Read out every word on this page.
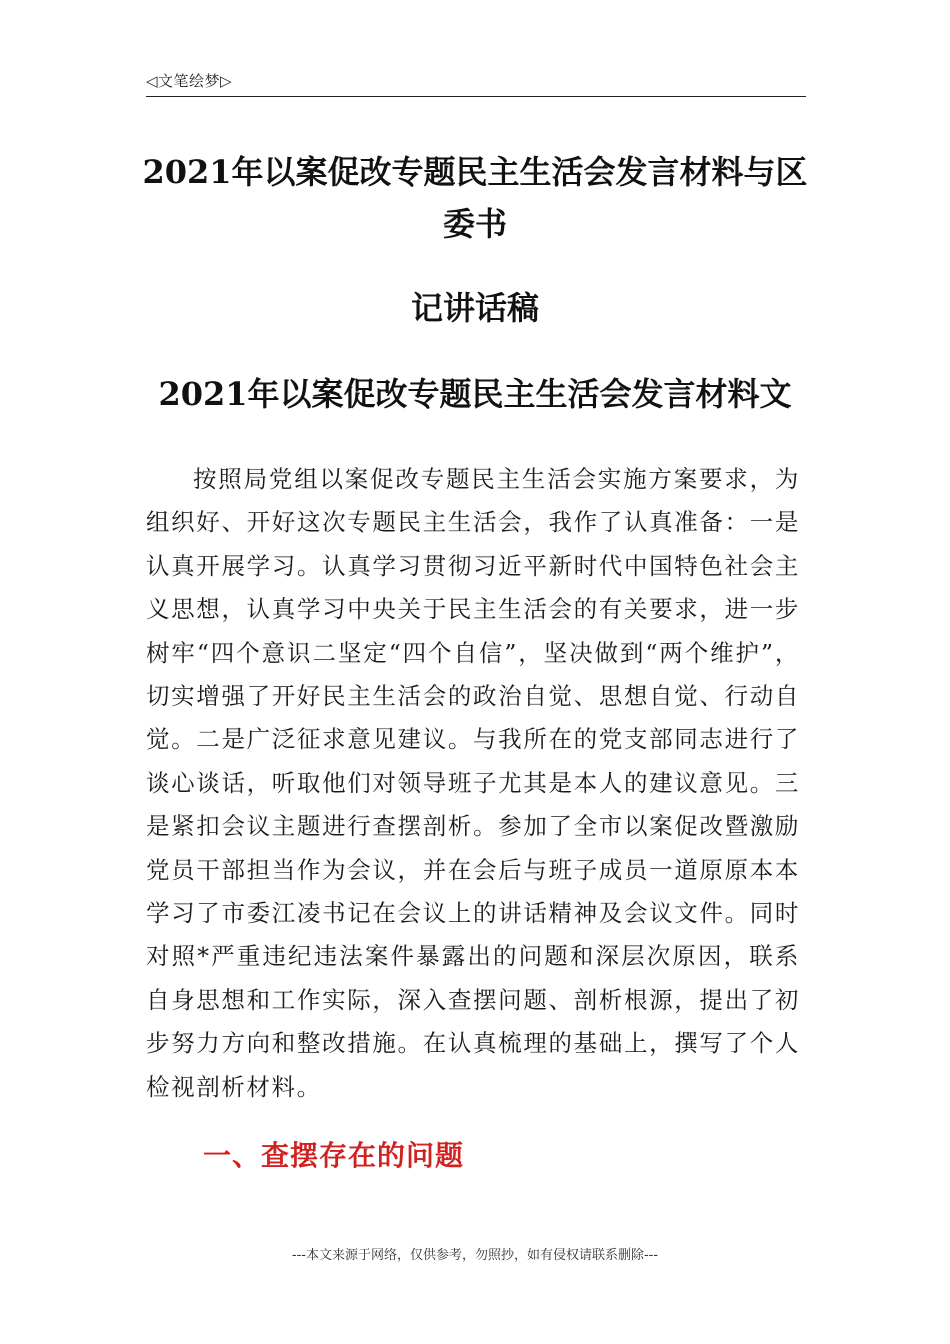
◁文笔绘梦▷
2021年以案促改专题民主生活会发言材料与区
委书
记讲话稿
2021年以案促改专题民主生活会发言材料文

按照局党组以案促改专题民主生活会实施方案要求，为组织好、开好这次专题民主生活会，我作了认真准备：一是认真开展学习。认真学习贯彻习近平新时代中国特色社会主义思想，认真学习中央关于民主生活会的有关要求，进一步树牢“四个意识二坚定“四个自信”，坚决做到“两个维护”，切实增强了开好民主生活会的政治自觉、思想自觉、行动自觉。二是广泛征求意见建议。与我所在的党支部同志进行了谈心谈话，听取他们对领导班子尤其是本人的建议意见。三是紧扣会议主题进行查摆剖析。参加了全市以案促改暨激励党员干部担当作为会议，并在会后与班子成员一道原原本本学习了市委江凌书记在会议上的讲话精神及会议文件。同时对照*严重违纪违法案件暴露出的问题和深层次原因，联系自身思想和工作实际，深入查摆问题、剖析根源，提出了初步努力方向和整改措施。在认真梳理的基础上，撰写了个人检视剖析材料。

一、查摆存在的问题
---本文来源于网络，仅供参考，勿照抄，如有侵权请联系删除---
